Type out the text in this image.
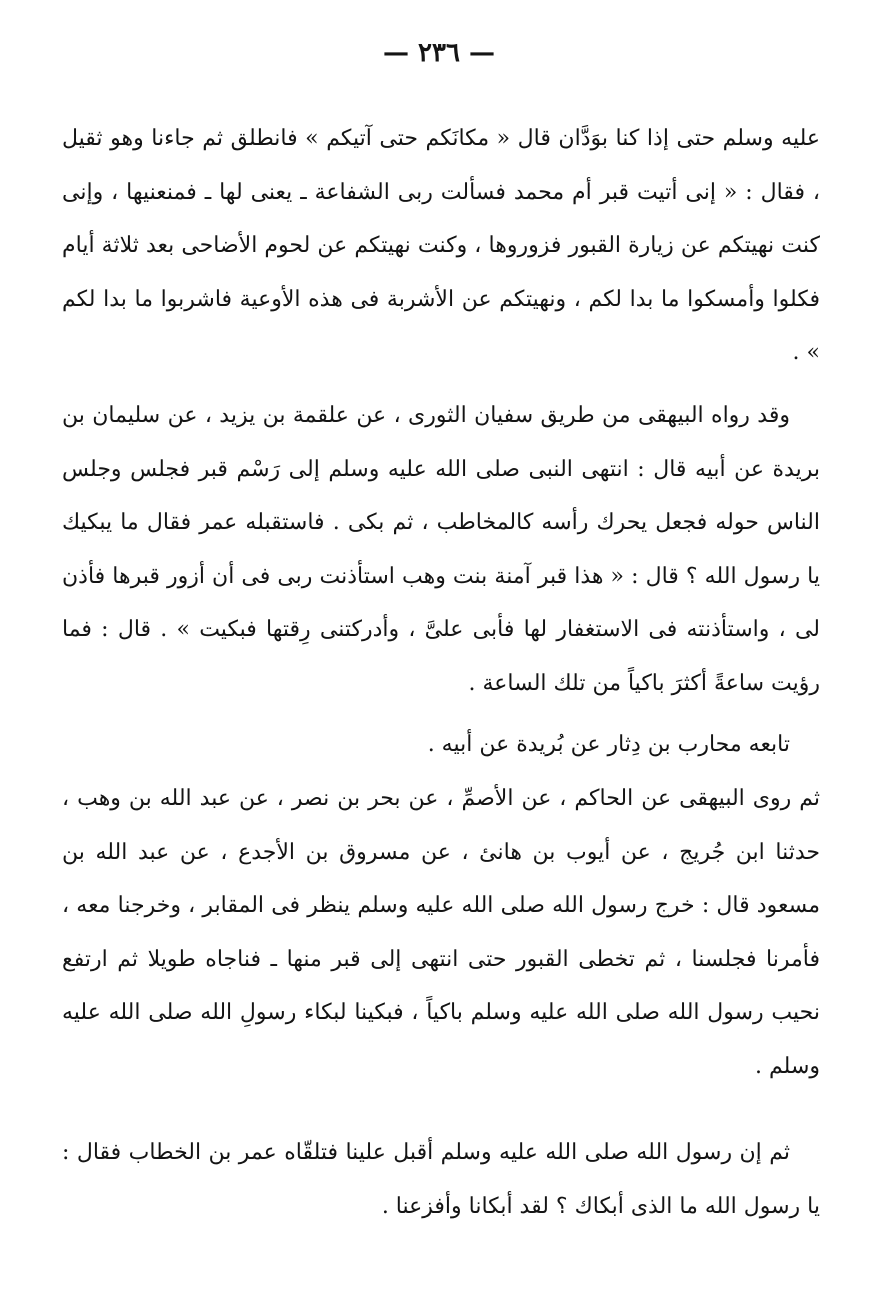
— ٢٣٦ —

عليه وسلم حتى إذا كنا بوَدَّان قال « مكانَكم حتى آتيكم » فانطلق ثم جاءنا وهو ثقيل ، فقال : « إنى أتيت قبر أم محمد فسألت ربى الشفاعة ـ يعنى لها ـ فمنعنيها ، وإنى كنت نهيتكم عن زيارة القبور فزوروها ، وكنت نهيتكم عن لحوم الأضاحى بعد ثلاثة أيام فكلوا وأمسكوا ما بدا لكم ، ونهيتكم عن الأشربة فى هذه الأوعية فاشربوا ما بدا لكم » .

وقد رواه البيهقى من طريق سفيان الثورى ، عن علقمة بن يزيد ، عن سليمان بن بريدة عن أبيه قال : انتهى النبى صلى الله عليه وسلم إلى رَسْم قبر فجلس وجلس الناس حوله فجعل يحرك رأسه كالمخاطب ، ثم بكى . فاستقبله عمر فقال ما يبكيك يا رسول الله ؟ قال : « هذا قبر آمنة بنت وهب استأذنت ربى فى أن أزور قبرها فأذن لى ، واستأذنته فى الاستغفار لها فأبى علىَّ ، وأدركتنى رِقتها فبكيت » . قال : فما رؤيت ساعةً أكثرَ باكياً من تلك الساعة .

تابعه محارب بن دِثار عن بُريدة عن أبيه .

ثم روى البيهقى عن الحاكم ، عن الأصمِّ ، عن بحر بن نصر ، عن عبد الله بن وهب ، حدثنا ابن جُريج ، عن أيوب بن هانئ ، عن مسروق بن الأجدع ، عن عبد الله بن مسعود قال : خرج رسول الله صلى الله عليه وسلم ينظر فى المقابر ، وخرجنا معه ، فأمرنا فجلسنا ، ثم تخطى القبور حتى انتهى إلى قبر منها ـ فناجاه طويلا ثم ارتفع نحيب رسول الله صلى الله عليه وسلم باكياً ، فبكينا لبكاء رسولِ الله صلى الله عليه وسلم .

ثم إن رسول الله صلى الله عليه وسلم أقبل علينا فتلقّاه عمر بن الخطاب فقال : يا رسول الله ما الذى أبكاك ؟ لقد أبكانا وأفزعنا .
